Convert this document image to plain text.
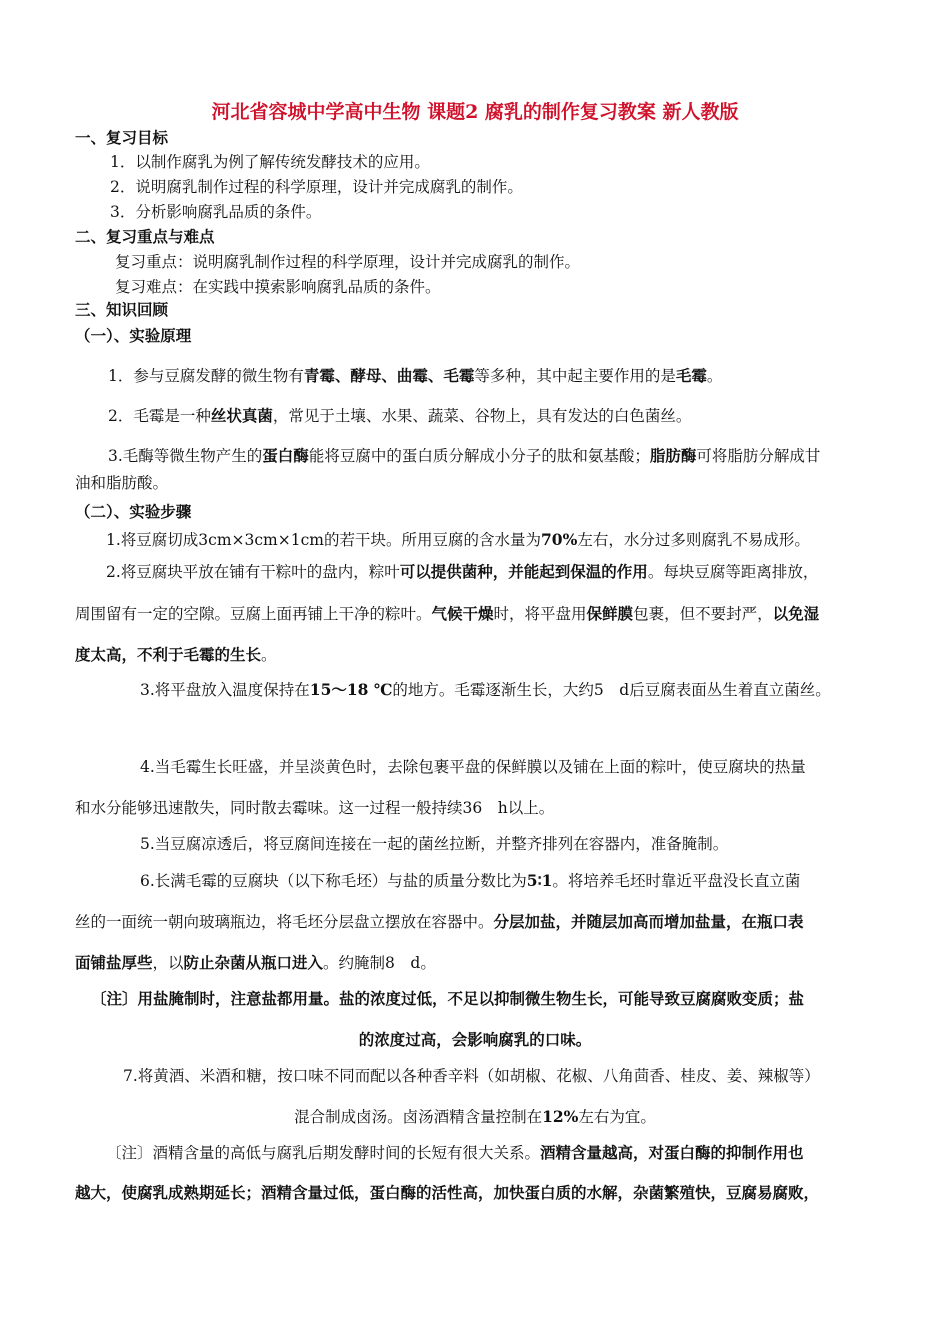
河北省容城中学高中生物 课题2 腐乳的制作复习教案 新人教版
一、复习目标
1．以制作腐乳为例了解传统发酵技术的应用。
2．说明腐乳制作过程的科学原理，设计并完成腐乳的制作。
3．分析影响腐乳品质的条件。
二、复习重点与难点
复习重点：说明腐乳制作过程的科学原理，设计并完成腐乳的制作。
复习难点：在实践中摸索影响腐乳品质的条件。
三、知识回顾
（一）、实验原理
1．参与豆腐发酵的微生物有青霉、酵母、曲霉、毛霉等多种，其中起主要作用的是毛霉。
2．毛霉是一种丝状真菌，常见于土壤、水果、蔬菜、谷物上，具有发达的白色菌丝。
3.毛酶等微生物产生的蛋白酶能将豆腐中的蛋白质分解成小分子的肽和氨基酸；脂肪酶可将脂肪分解成甘
油和脂肪酸。
（二）、实验步骤
1.将豆腐切成3cm×3cm×1cm的若干块。所用豆腐的含水量为70%左右，水分过多则腐乳不易成形。
2.将豆腐块平放在铺有干粽叶的盘内，粽叶可以提供菌种，并能起到保温的作用。每块豆腐等距离排放，
周围留有一定的空隙。豆腐上面再铺上干净的粽叶。气候干燥时，将平盘用保鲜膜包裹，但不要封严，以免湿
度太高，不利于毛霉的生长。
3.将平盘放入温度保持在15～18 ℃的地方。毛霉逐渐生长，大约5　d后豆腐表面丛生着直立菌丝。
4.当毛霉生长旺盛，并呈淡黄色时，去除包裹平盘的保鲜膜以及铺在上面的粽叶，使豆腐块的热量
和水分能够迅速散失，同时散去霉味。这一过程一般持续36　h以上。
5.当豆腐凉透后，将豆腐间连接在一起的菌丝拉断，并整齐排列在容器内，准备腌制。
6.长满毛霉的豆腐块（以下称毛坯）与盐的质量分数比为5∶1。将培养毛坯时靠近平盘没长直立菌
丝的一面统一朝向玻璃瓶边，将毛坯分层盘立摆放在容器中。分层加盐，并随层加高而增加盐量，在瓶口表
面铺盐厚些，以防止杂菌从瓶口进入。约腌制8　d。
〔注〕用盐腌制时，注意盐都用量。盐的浓度过低，不足以抑制微生物生长，可能导致豆腐腐败变质；盐
的浓度过高，会影响腐乳的口味。
7.将黄酒、米酒和糖，按口味不同而配以各种香辛料（如胡椒、花椒、八角茴香、桂皮、姜、辣椒等）
混合制成卤汤。卤汤酒精含量控制在12%左右为宜。
〔注〕酒精含量的高低与腐乳后期发酵时间的长短有很大关系。酒精含量越高，对蛋白酶的抑制作用也
越大，使腐乳成熟期延长；酒精含量过低，蛋白酶的活性高，加快蛋白质的水解，杂菌繁殖快，豆腐易腐败，
